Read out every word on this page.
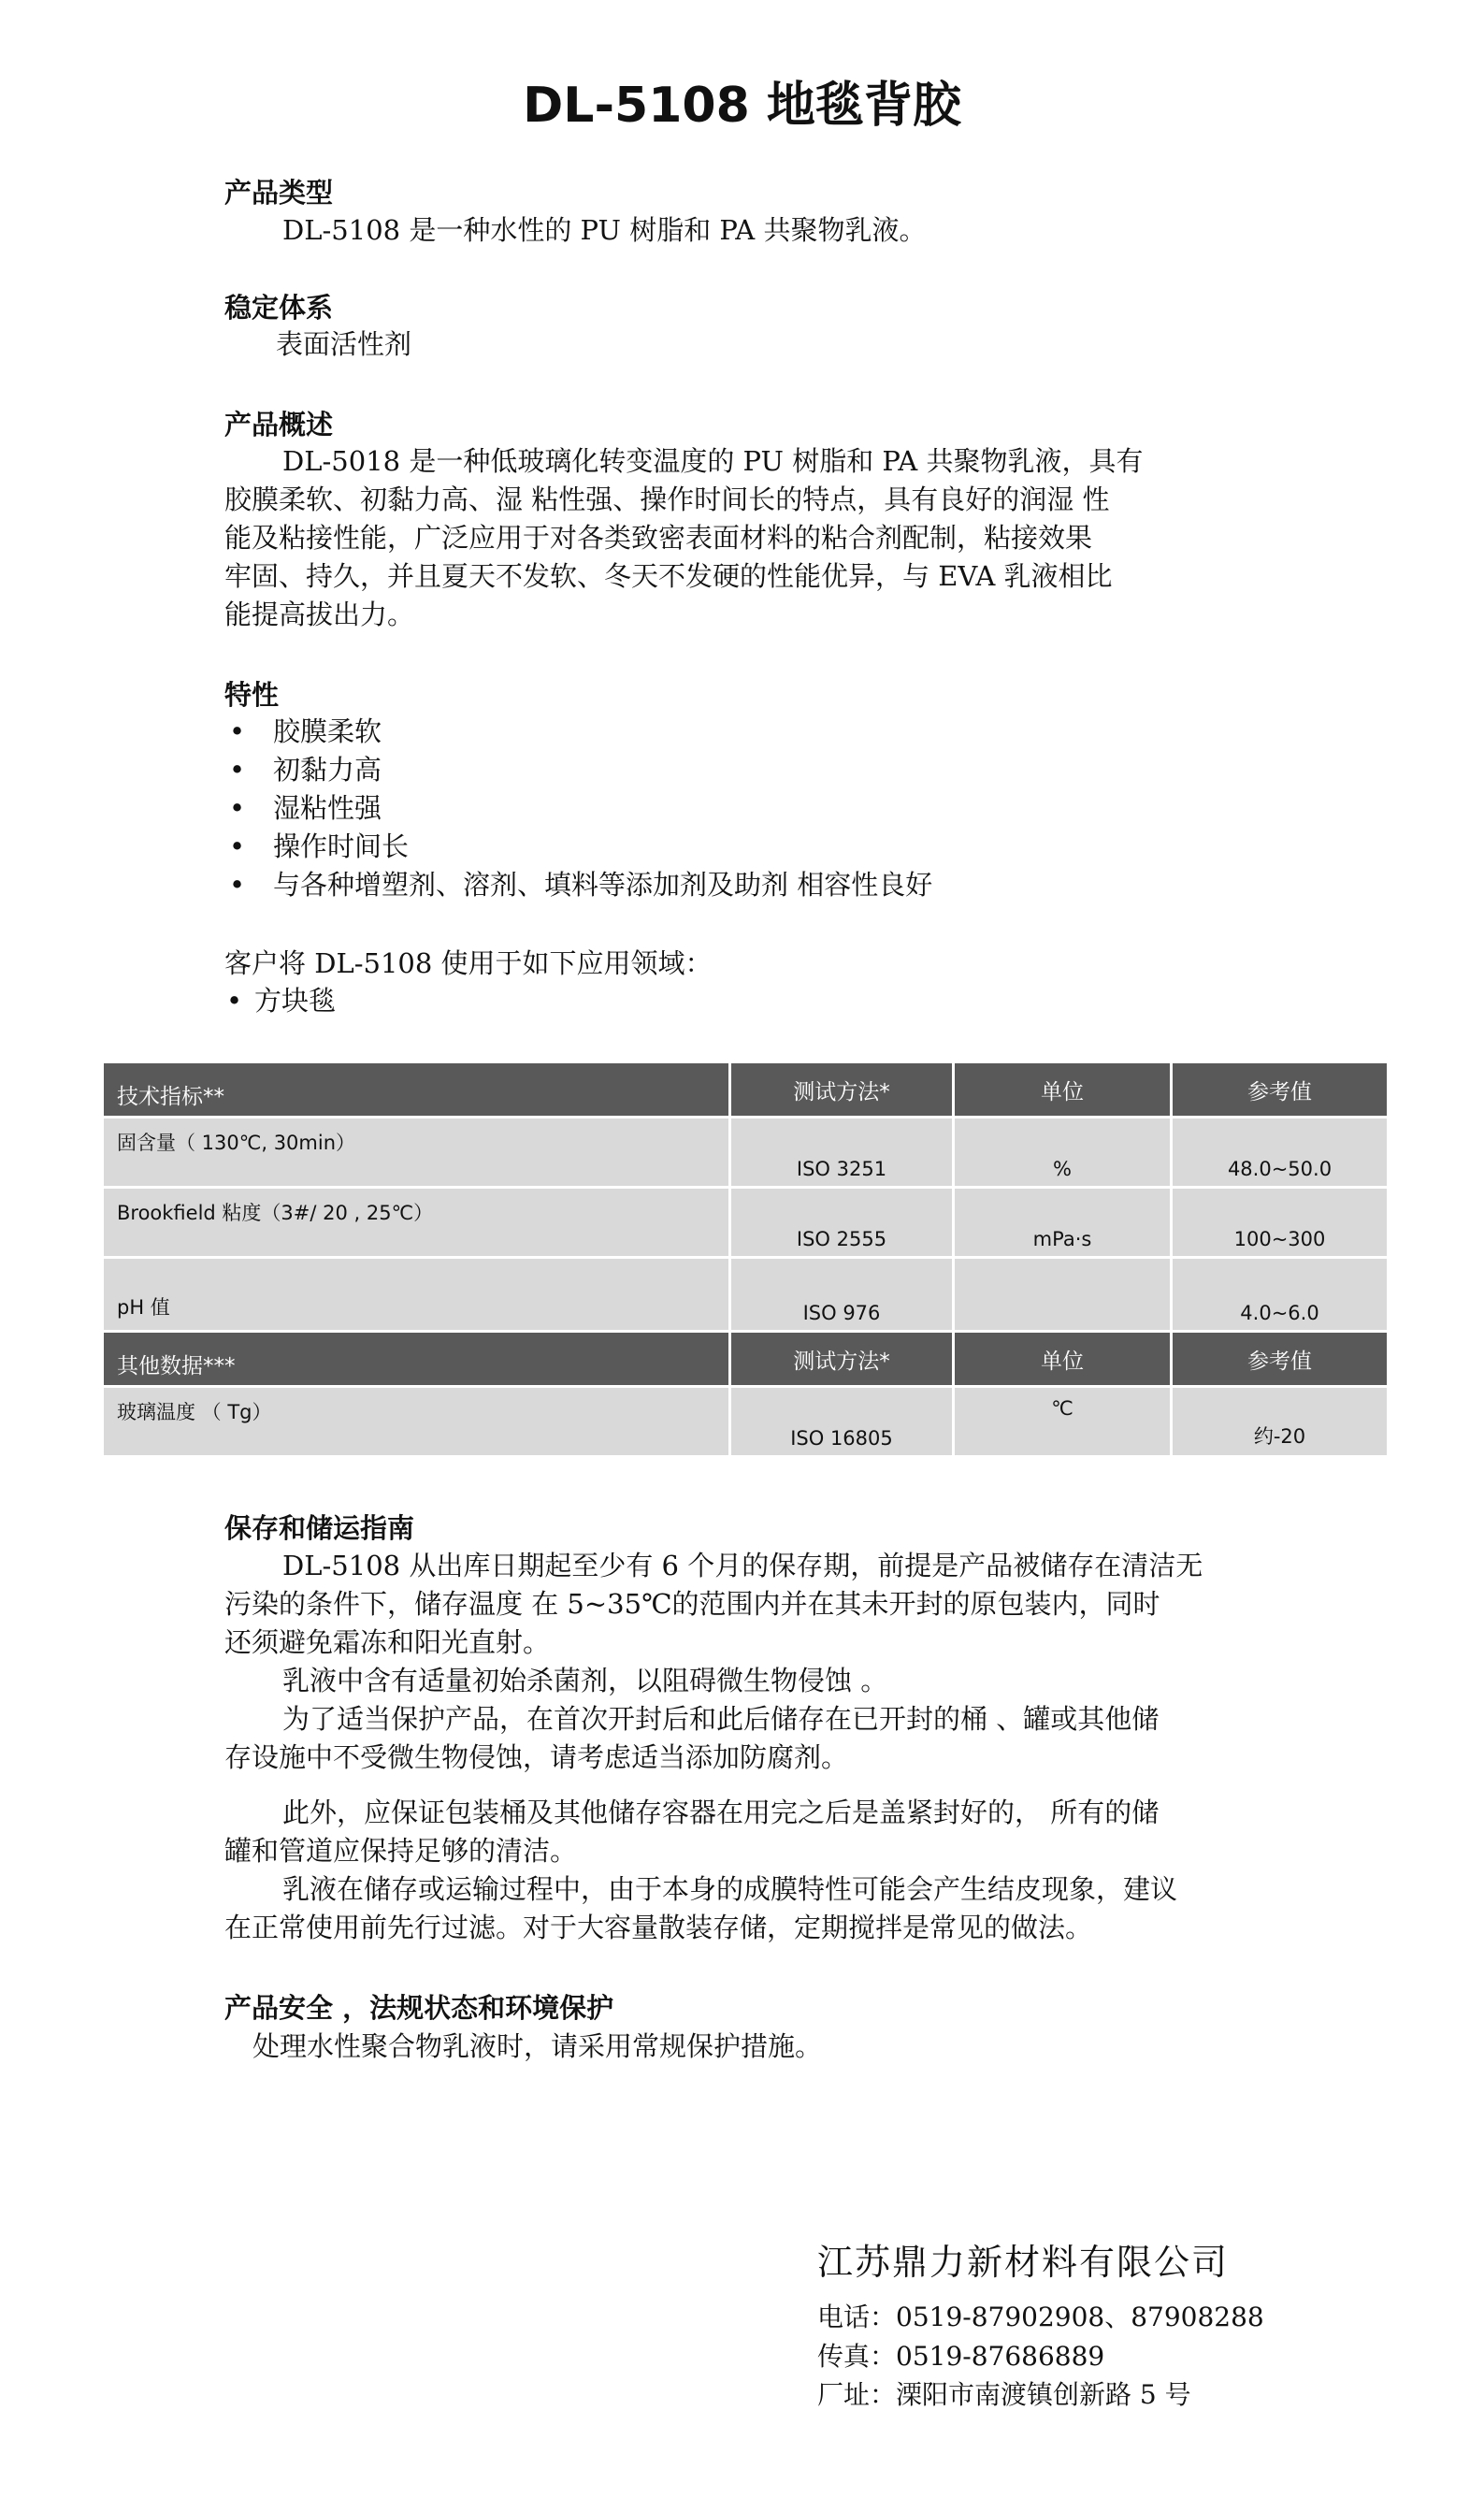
DL-5108 地毯背胶
产品类型
DL-5108 是一种水性的 PU 树脂和 PA 共聚物乳液。
稳定体系
表面活性剂
产品概述
DL-5018 是一种低玻璃化转变温度的 PU 树脂和 PA 共聚物乳液，具有
胶膜柔软、初黏力高、湿 粘性强、操作时间长的特点，具有良好的润湿 性
能及粘接性能，广泛应用于对各类致密表面材料的粘合剂配制，粘接效果
牢固、持久，并且夏天不发软、冬天不发硬的性能优异，与 EVA 乳液相比
能提高拔出力。
特性
•	胶膜柔软
•	初黏力高
•	湿粘性强
•	操作时间长
•	与各种增塑剂、溶剂、填料等添加剂及助剂 相容性良好
客户将 DL-5108 使用于如下应用领域：
• 方块毯
技术指标**	测试方法*	单位	参考值
固含量（ 130℃, 30min）	ISO 3251	%	48.0~50.0
Brookfield 粘度（3#/ 20 , 25℃）	ISO 2555	mPa·s	100~300
pH 值	ISO 976		4.0~6.0
其他数据***	测试方法*	单位	参考值
玻璃温度 （ Tg）	ISO 16805	℃	约-20
保存和储运指南
DL-5108 从出库日期起至少有 6 个月的保存期，前提是产品被储存在清洁无
污染的条件下，储存温度 在 5~35℃的范围内并在其未开封的原包装内，同时
还须避免霜冻和阳光直射。
乳液中含有适量初始杀菌剂，以阻碍微生物侵蚀 。
为了适当保护产品，在首次开封后和此后储存在已开封的桶 、罐或其他储
存设施中不受微生物侵蚀，请考虑适当添加防腐剂。
此外，应保证包装桶及其他储存容器在用完之后是盖紧封好的， 所有的储
罐和管道应保持足够的清洁。
乳液在储存或运输过程中，由于本身的成膜特性可能会产生结皮现象，建议
在正常使用前先行过滤。对于大容量散装存储，定期搅拌是常见的做法。
产品安全 ，法规状态和环境保护
处理水性聚合物乳液时，请采用常规保护措施。
江苏鼎力新材料有限公司
电话：0519-87902908、87908288
传真：0519-87686889
厂址：溧阳市南渡镇创新路 5 号
